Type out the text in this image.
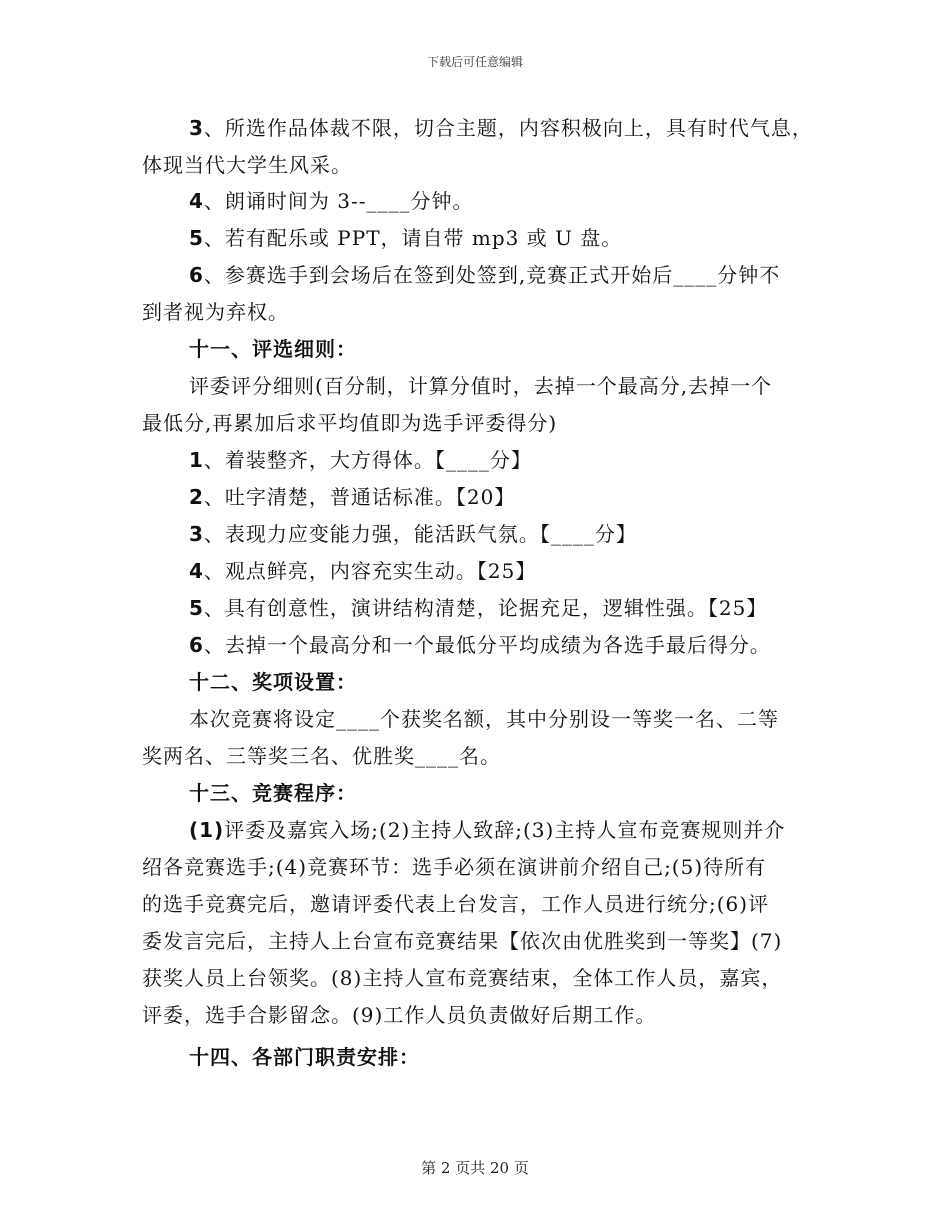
下载后可任意编辑
3、所选作品体裁不限，切合主题，内容积极向上，具有时代气息，
体现当代大学生风采。
4、朗诵时间为 3--____分钟。
5、若有配乐或 PPT，请自带 mp3 或 U 盘。
6、参赛选手到会场后在签到处签到,竞赛正式开始后____分钟不
到者视为弃权。
十一、评选细则：
评委评分细则(百分制，计算分值时，去掉一个最高分,去掉一个
最低分,再累加后求平均值即为选手评委得分)
1、着装整齐，大方得体。【____分】
2、吐字清楚，普通话标准。【20】
3、表现力应变能力强，能活跃气氛。【____分】
4、观点鲜亮，内容充实生动。【25】
5、具有创意性，演讲结构清楚，论据充足，逻辑性强。【25】
6、去掉一个最高分和一个最低分平均成绩为各选手最后得分。
十二、奖项设置：
本次竞赛将设定____个获奖名额，其中分别设一等奖一名、二等
奖两名、三等奖三名、优胜奖____名。
十三、竞赛程序：
(1)评委及嘉宾入场;(2)主持人致辞;(3)主持人宣布竞赛规则并介
绍各竞赛选手;(4)竞赛环节：选手必须在演讲前介绍自己;(5)待所有
的选手竞赛完后，邀请评委代表上台发言，工作人员进行统分;(6)评
委发言完后，主持人上台宣布竞赛结果【依次由优胜奖到一等奖】(7)
获奖人员上台领奖。(8)主持人宣布竞赛结束，全体工作人员，嘉宾，
评委，选手合影留念。(9)工作人员负责做好后期工作。
十四、各部门职责安排：
第 2 页共 20 页
